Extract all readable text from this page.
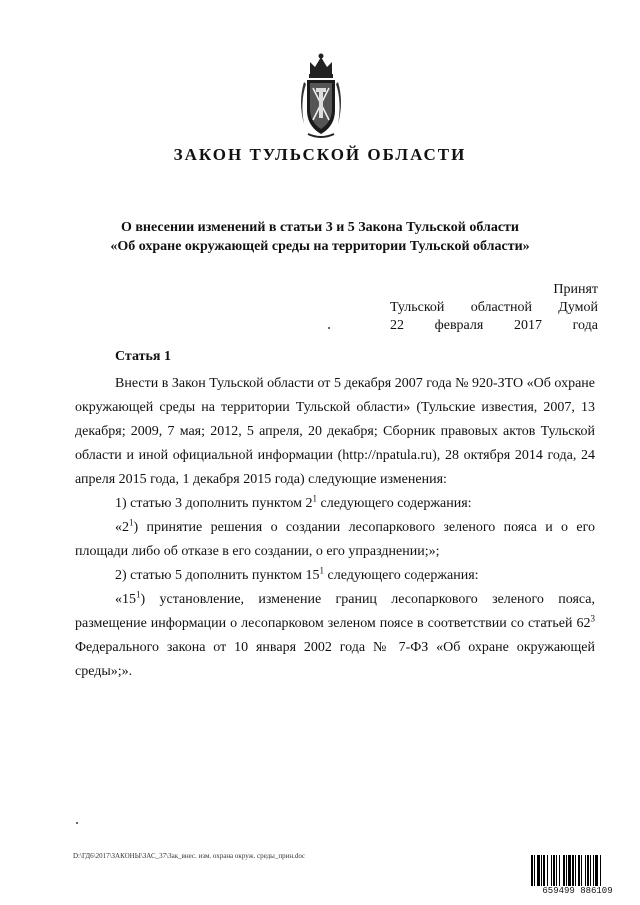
ЗАКОН ТУЛЬСКОЙ ОБЛАСТИ
О внесении изменений в статьи 3 и 5 Закона Тульской области
«Об охране окружающей среды на территории Тульской области»
Принят
Тульской областной Думой
22 февраля 2017 года
Статья 1

Внести в Закон Тульской области от 5 декабря 2007 года № 920-ЗТО «Об охране окружающей среды на территории Тульской области» (Тульские известия, 2007, 13 декабря; 2009, 7 мая; 2012, 5 апреля, 20 декабря; Сборник правовых актов Тульской области и иной официальной информации (http://npatula.ru), 28 октября 2014 года, 24 апреля 2015 года, 1 декабря 2015 года) следующие изменения:

1) статью 3 дополнить пунктом $2^1$ следующего содержания:

«$2^1$) принятие решения о создании лесопаркового зеленого пояса и о его площади либо об отказе в его создании, о его упразднении;»;

2) статью 5 дополнить пунктом $15^1$ следующего содержания:

«$15^1$) установление, изменение границ лесопаркового зеленого пояса, размещение информации о лесопарковом зеленом поясе в соответствии со статьей $62^3$ Федерального закона от 10 января 2002 года № 7-ФЗ «Об охране окружающей среды»;».

D:\ГД6\2017\ЗАКОНЫ\ЗАС_37\Зак_внес. изм. охрана окруж. среды_прин.doc
659499 886109
